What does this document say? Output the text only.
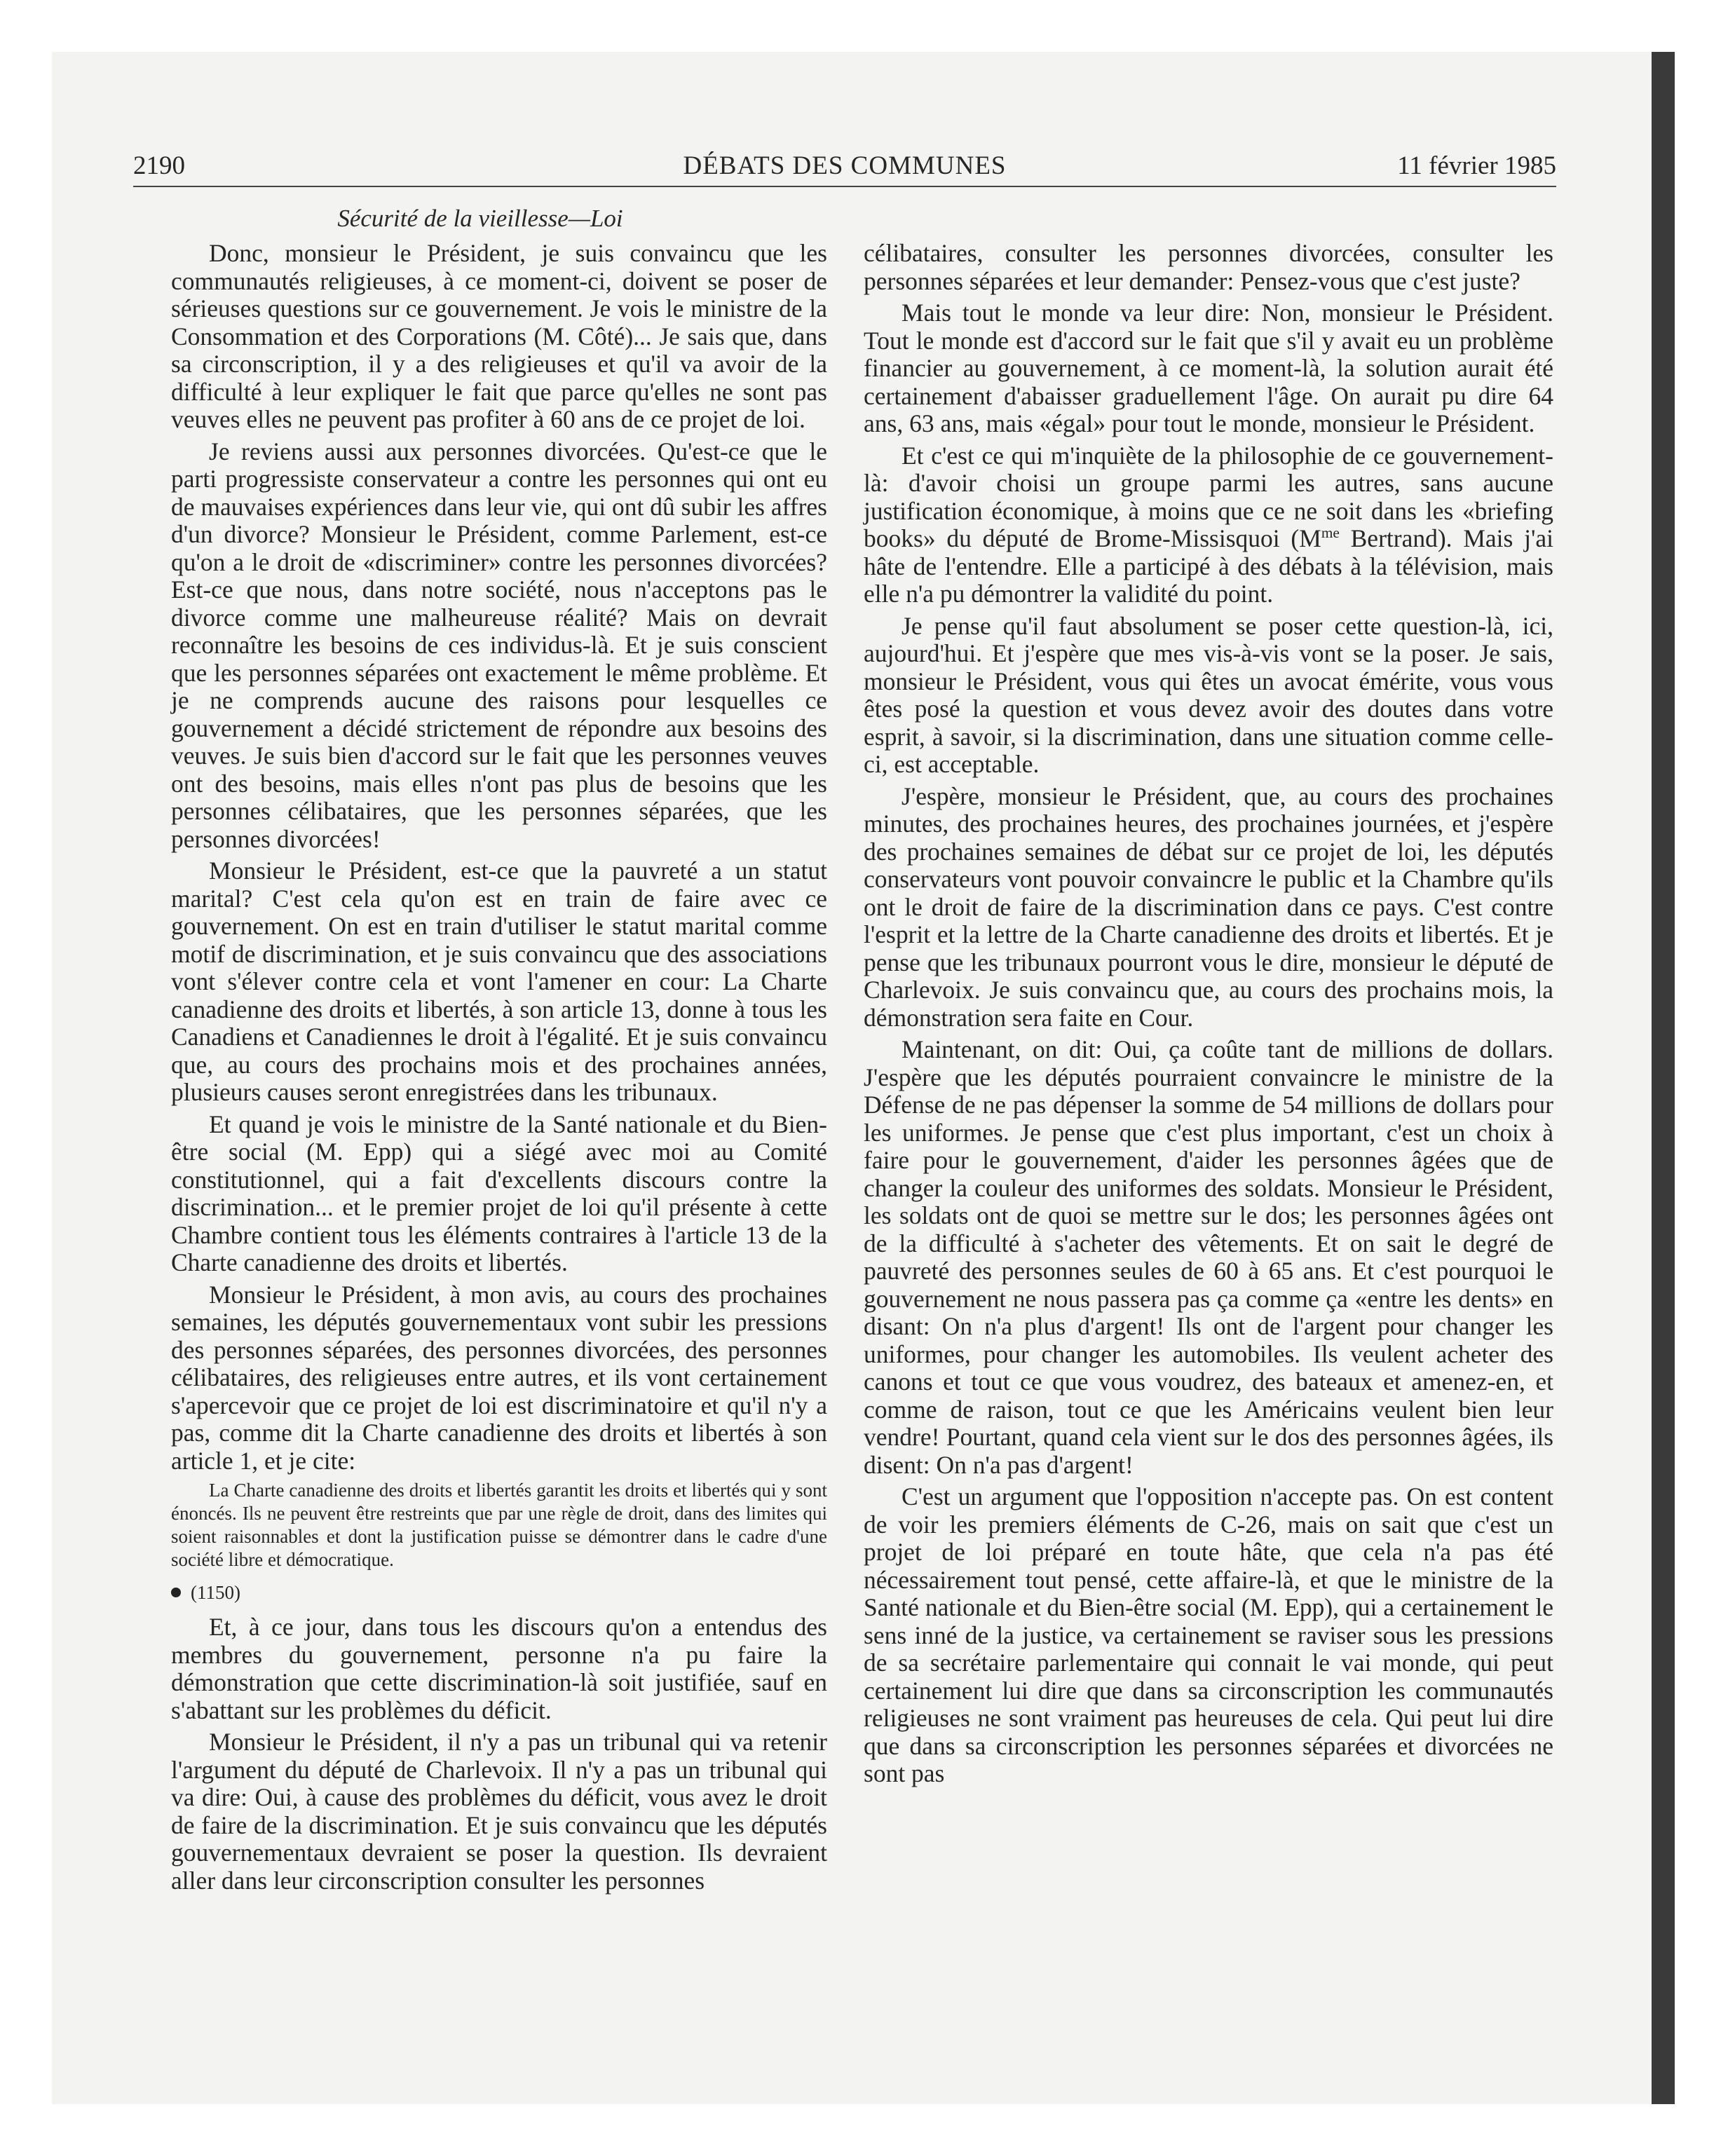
2190	DÉBATS DES COMMUNES	11 février 1985
Sécurité de la vieillesse—Loi

Donc, monsieur le Président, je suis convaincu que les communautés religieuses, à ce moment-ci, doivent se poser de sérieuses questions sur ce gouvernement. Je vois le ministre de la Consommation et des Corporations (M. Côté)... Je sais que, dans sa circonscription, il y a des religieuses et qu'il va avoir de la difficulté à leur expliquer le fait que parce qu'elles ne sont pas veuves elles ne peuvent pas profiter à 60 ans de ce projet de loi.

Je reviens aussi aux personnes divorcées. Qu'est-ce que le parti progressiste conservateur a contre les personnes qui ont eu de mauvaises expériences dans leur vie, qui ont dû subir les affres d'un divorce? Monsieur le Président, comme Parlement, est-ce qu'on a le droit de «discriminer» contre les personnes divorcées? Est-ce que nous, dans notre société, nous n'acceptons pas le divorce comme une malheureuse réalité? Mais on devrait reconnaître les besoins de ces individus-là. Et je suis conscient que les personnes séparées ont exactement le même problème. Et je ne comprends aucune des raisons pour lesquelles ce gouvernement a décidé strictement de répondre aux besoins des veuves. Je suis bien d'accord sur le fait que les personnes veuves ont des besoins, mais elles n'ont pas plus de besoins que les personnes célibataires, que les personnes séparées, que les personnes divorcées!

Monsieur le Président, est-ce que la pauvreté a un statut marital? C'est cela qu'on est en train de faire avec ce gouvernement. On est en train d'utiliser le statut marital comme motif de discrimination, et je suis convaincu que des associations vont s'élever contre cela et vont l'amener en cour: La Charte canadienne des droits et libertés, à son article 13, donne à tous les Canadiens et Canadiennes le droit à l'égalité. Et je suis convaincu que, au cours des prochains mois et des prochaines années, plusieurs causes seront enregistrées dans les tribunaux.

Et quand je vois le ministre de la Santé nationale et du Bien-être social (M. Epp) qui a siégé avec moi au Comité constitutionnel, qui a fait d'excellents discours contre la discrimination... et le premier projet de loi qu'il présente à cette Chambre contient tous les éléments contraires à l'article 13 de la Charte canadienne des droits et libertés.

Monsieur le Président, à mon avis, au cours des prochaines semaines, les députés gouvernementaux vont subir les pressions des personnes séparées, des personnes divorcées, des personnes célibataires, des religieuses entre autres, et ils vont certainement s'apercevoir que ce projet de loi est discriminatoire et qu'il n'y a pas, comme dit la Charte canadienne des droits et libertés à son article 1, et je cite:

La Charte canadienne des droits et libertés garantit les droits et libertés qui y sont énoncés. Ils ne peuvent être restreints que par une règle de droit, dans des limites qui soient raisonnables et dont la justification puisse se démontrer dans le cadre d'une société libre et démocratique.

(1150)

Et, à ce jour, dans tous les discours qu'on a entendus des membres du gouvernement, personne n'a pu faire la démonstration que cette discrimination-là soit justifiée, sauf en s'abattant sur les problèmes du déficit.

Monsieur le Président, il n'y a pas un tribunal qui va retenir l'argument du député de Charlevoix. Il n'y a pas un tribunal qui va dire: Oui, à cause des problèmes du déficit, vous avez le droit de faire de la discrimination. Et je suis convaincu que les députés gouvernementaux devraient se poser la question. Ils devraient aller dans leur circonscription consulter les personnes

célibataires, consulter les personnes divorcées, consulter les personnes séparées et leur demander: Pensez-vous que c'est juste?

Mais tout le monde va leur dire: Non, monsieur le Président. Tout le monde est d'accord sur le fait que s'il y avait eu un problème financier au gouvernement, à ce moment-là, la solution aurait été certainement d'abaisser graduellement l'âge. On aurait pu dire 64 ans, 63 ans, mais «égal» pour tout le monde, monsieur le Président.

Et c'est ce qui m'inquiète de la philosophie de ce gouvernement-là: d'avoir choisi un groupe parmi les autres, sans aucune justification économique, à moins que ce ne soit dans les «briefing books» du député de Brome-Missisquoi ($M^{me}$ Bertrand). Mais j'ai hâte de l'entendre. Elle a participé à des débats à la télévision, mais elle n'a pu démontrer la validité du point.

Je pense qu'il faut absolument se poser cette question-là, ici, aujourd'hui. Et j'espère que mes vis-à-vis vont se la poser. Je sais, monsieur le Président, vous qui êtes un avocat émérite, vous vous êtes posé la question et vous devez avoir des doutes dans votre esprit, à savoir, si la discrimination, dans une situation comme celle-ci, est acceptable.

J'espère, monsieur le Président, que, au cours des prochaines minutes, des prochaines heures, des prochaines journées, et j'espère des prochaines semaines de débat sur ce projet de loi, les députés conservateurs vont pouvoir convaincre le public et la Chambre qu'ils ont le droit de faire de la discrimination dans ce pays. C'est contre l'esprit et la lettre de la Charte canadienne des droits et libertés. Et je pense que les tribunaux pourront vous le dire, monsieur le député de Charlevoix. Je suis convaincu que, au cours des prochains mois, la démonstration sera faite en Cour.

Maintenant, on dit: Oui, ça coûte tant de millions de dollars. J'espère que les députés pourraient convaincre le ministre de la Défense de ne pas dépenser la somme de 54 millions de dollars pour les uniformes. Je pense que c'est plus important, c'est un choix à faire pour le gouvernement, d'aider les personnes âgées que de changer la couleur des uniformes des soldats. Monsieur le Président, les soldats ont de quoi se mettre sur le dos; les personnes âgées ont de la difficulté à s'acheter des vêtements. Et on sait le degré de pauvreté des personnes seules de 60 à 65 ans. Et c'est pourquoi le gouvernement ne nous passera pas ça comme ça «entre les dents» en disant: On n'a plus d'argent! Ils ont de l'argent pour changer les uniformes, pour changer les automobiles. Ils veulent acheter des canons et tout ce que vous voudrez, des bateaux et amenez-en, et comme de raison, tout ce que les Américains veulent bien leur vendre! Pourtant, quand cela vient sur le dos des personnes âgées, ils disent: On n'a pas d'argent!

C'est un argument que l'opposition n'accepte pas. On est content de voir les premiers éléments de C-26, mais on sait que c'est un projet de loi préparé en toute hâte, que cela n'a pas été nécessairement tout pensé, cette affaire-là, et que le ministre de la Santé nationale et du Bien-être social (M. Epp), qui a certainement le sens inné de la justice, va certainement se raviser sous les pressions de sa secrétaire parlementaire qui connait le vai monde, qui peut certainement lui dire que dans sa circonscription les communautés religieuses ne sont vraiment pas heureuses de cela. Qui peut lui dire que dans sa circonscription les personnes séparées et divorcées ne sont pas
